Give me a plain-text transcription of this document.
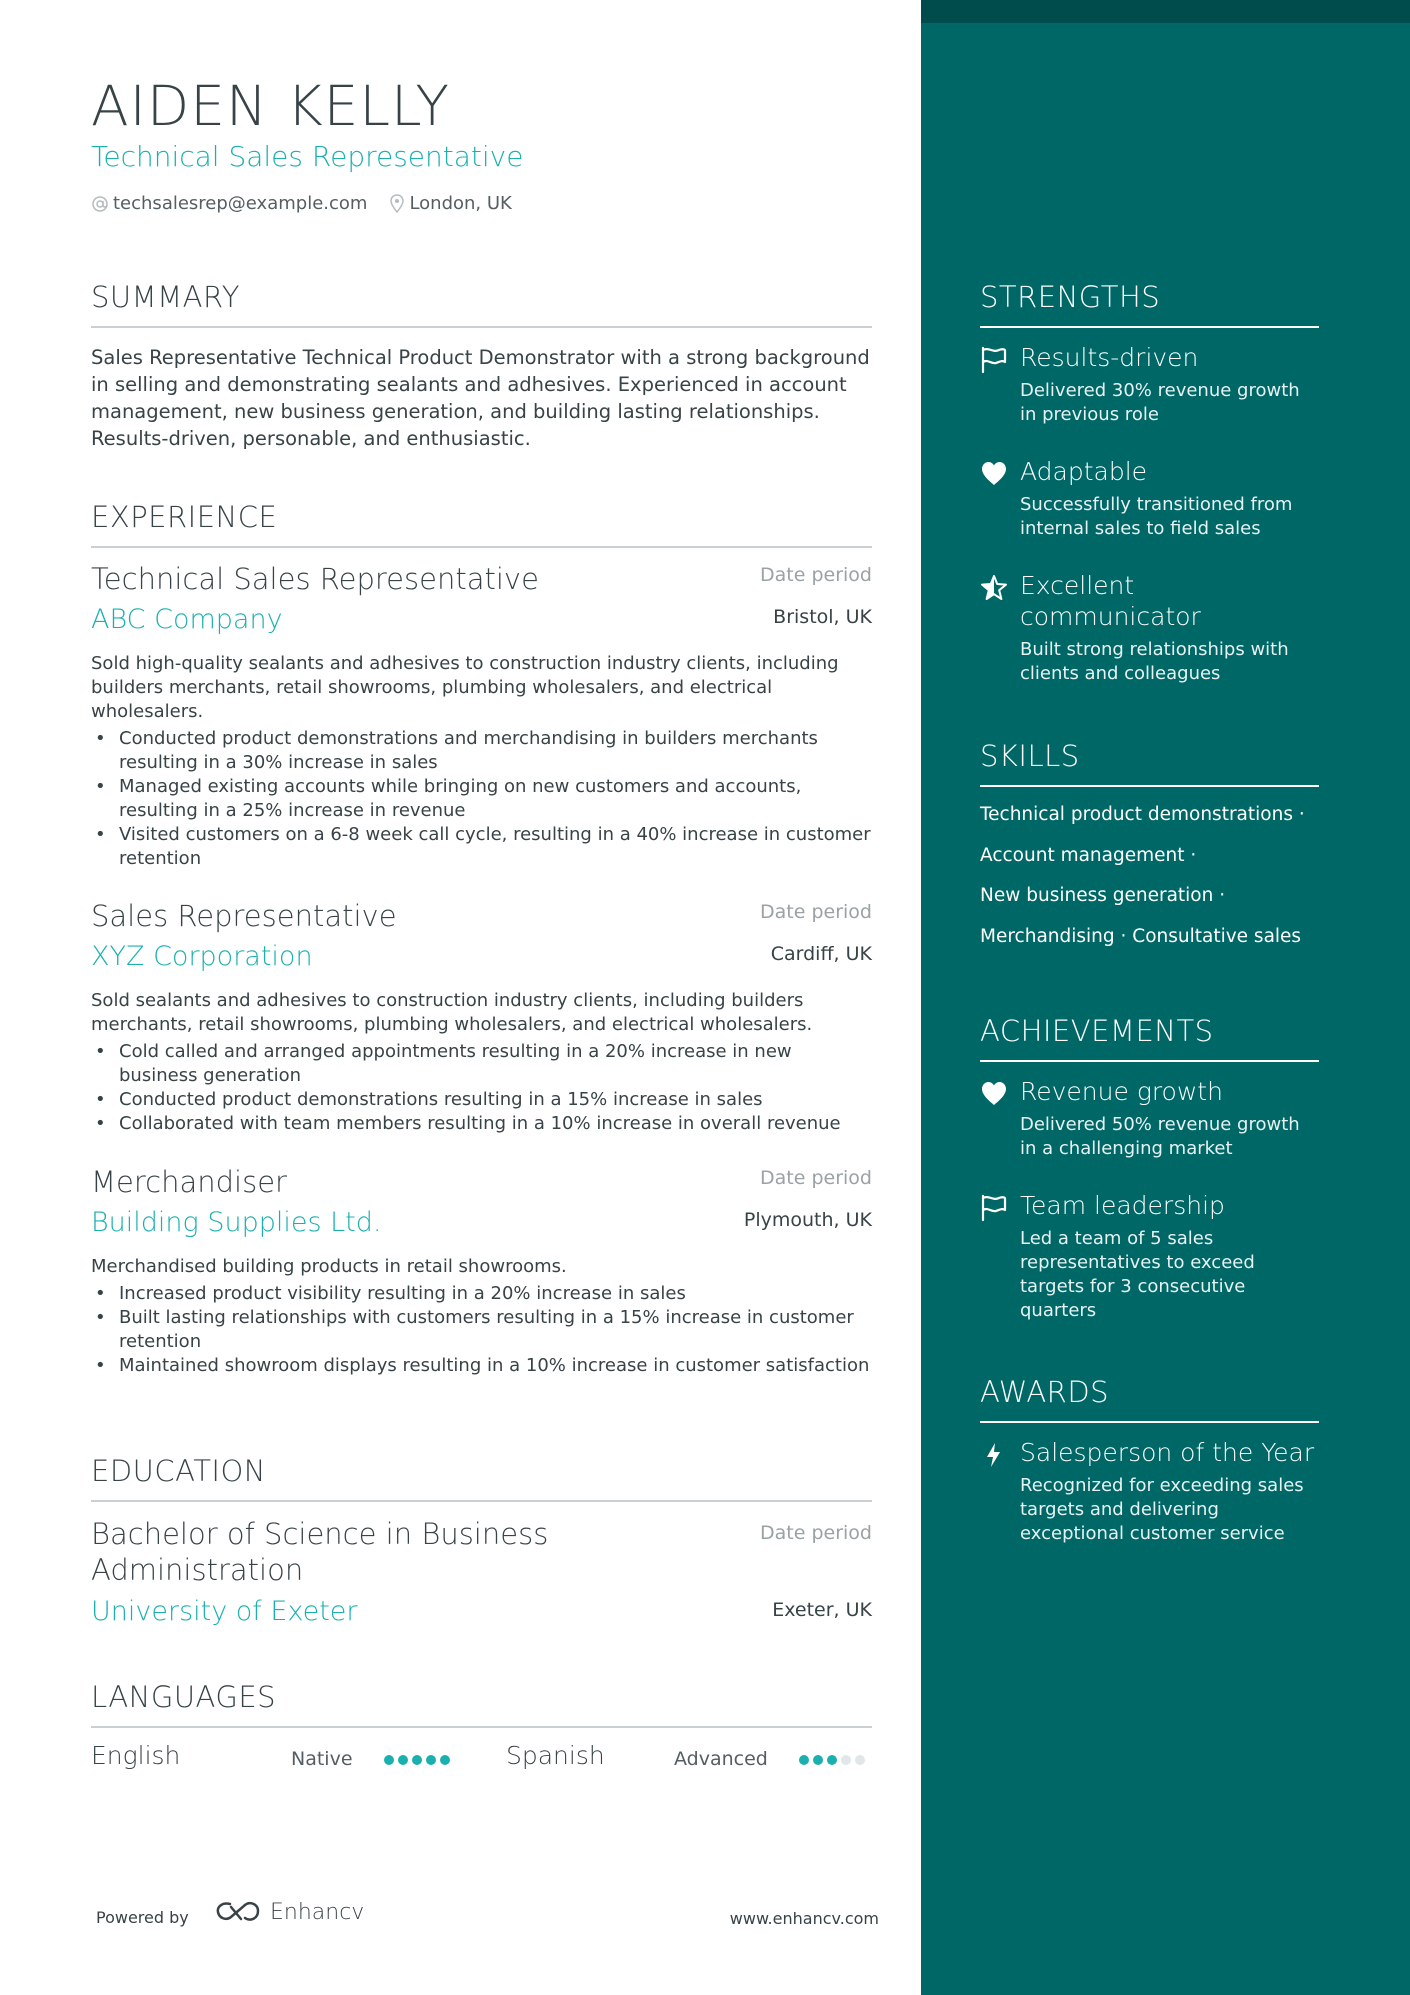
AIDEN KELLY
Technical Sales Representative
techsalesrep@example.com London, UK
SUMMARY
Sales Representative Technical Product Demonstrator with a strong background in selling and demonstrating sealants and adhesives. Experienced in account management, new business generation, and building lasting relationships. Results-driven, personable, and enthusiastic.
EXPERIENCE
Technical Sales Representative	Date period
ABC Company	Bristol, UK
Sold high-quality sealants and adhesives to construction industry clients, including builders merchants, retail showrooms, plumbing wholesalers, and electrical wholesalers.
• Conducted product demonstrations and merchandising in builders merchants resulting in a 30% increase in sales
• Managed existing accounts while bringing on new customers and accounts, resulting in a 25% increase in revenue
• Visited customers on a 6-8 week call cycle, resulting in a 40% increase in customer retention
Sales Representative	Date period
XYZ Corporation	Cardiff, UK
Sold sealants and adhesives to construction industry clients, including builders merchants, retail showrooms, plumbing wholesalers, and electrical wholesalers.
• Cold called and arranged appointments resulting in a 20% increase in new business generation
• Conducted product demonstrations resulting in a 15% increase in sales
• Collaborated with team members resulting in a 10% increase in overall revenue
Merchandiser	Date period
Building Supplies Ltd.	Plymouth, UK
Merchandised building products in retail showrooms.
• Increased product visibility resulting in a 20% increase in sales
• Built lasting relationships with customers resulting in a 15% increase in customer retention
• Maintained showroom displays resulting in a 10% increase in customer satisfaction
EDUCATION
Bachelor of Science in Business Administration
Date period
University of Exeter	Exeter, UK
LANGUAGES
English	Native	Spanish	Advanced
Powered by	Enhancv	www.enhancv.com
STRENGTHS
Results-driven
Delivered 30% revenue growth in previous role
Adaptable
Successfully transitioned from internal sales to field sales
Excellent communicator
Built strong relationships with clients and colleagues
SKILLS
Technical product demonstrations ·
Account management ·
New business generation ·
Merchandising · Consultative sales
ACHIEVEMENTS
Revenue growth
Delivered 50% revenue growth in a challenging market
Team leadership
Led a team of 5 sales representatives to exceed targets for 3 consecutive quarters
AWARDS
Salesperson of the Year
Recognized for exceeding sales targets and delivering exceptional customer service
